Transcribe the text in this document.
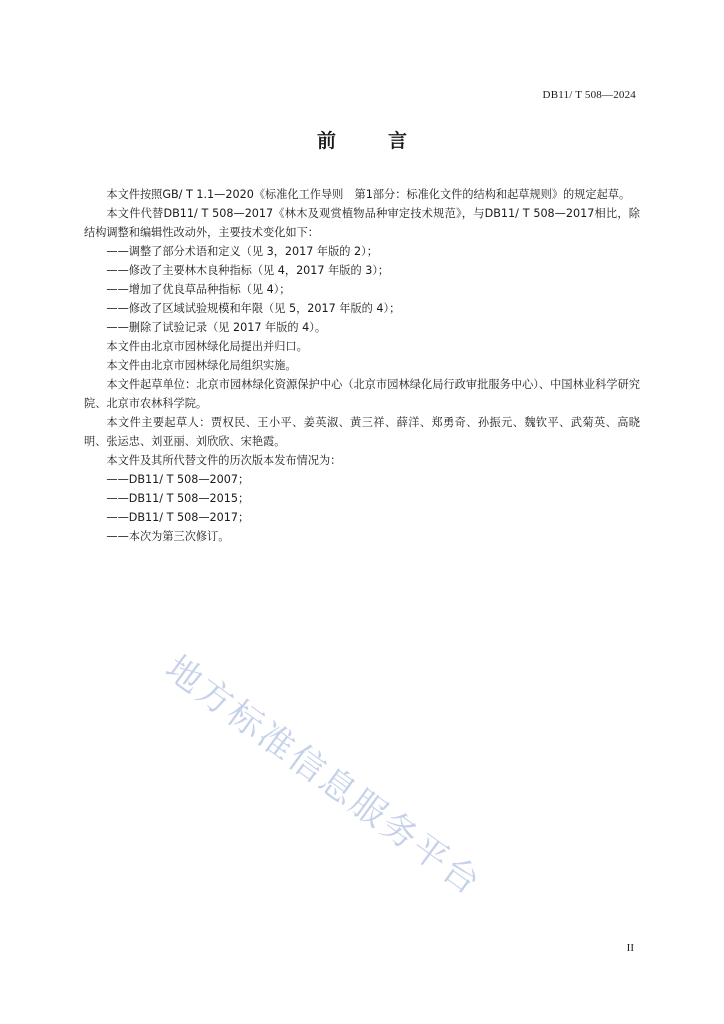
DB11/ T 508—2024
前	言

本文件按照GB/ T 1.1—2020《标准化工作导则　第1部分：标准化文件的结构和起草规则》的规定起草。

本文件代替DB11/ T 508—2017《林木及观赏植物品种审定技术规范》，与DB11/ T 508—2017相比，除结构调整和编辑性改动外，主要技术变化如下：

——调整了部分术语和定义（见 3，2017 年版的 2）；

——修改了主要林木良种指标（见 4，2017 年版的 3）；

——增加了优良草品种指标（见 4）；

——修改了区域试验规模和年限（见 5，2017 年版的 4）；

——删除了试验记录（见 2017 年版的 4）。

本文件由北京市园林绿化局提出并归口。

本文件由北京市园林绿化局组织实施。

本文件起草单位：北京市园林绿化资源保护中心（北京市园林绿化局行政审批服务中心）、中国林业科学研究院、北京市农林科学院。

本文件主要起草人：贾权民、王小平、姜英淑、黄三祥、薛洋、郑勇奇、孙振元、魏钦平、武菊英、高晓明、张运忠、刘亚丽、刘欣欣、宋艳霞。

本文件及其所代替文件的历次版本发布情况为：

——DB11/ T 508—2007；

——DB11/ T 508—2015；

——DB11/ T 508—2017；

——本次为第三次修订。

地方标准信息服务平台
II
